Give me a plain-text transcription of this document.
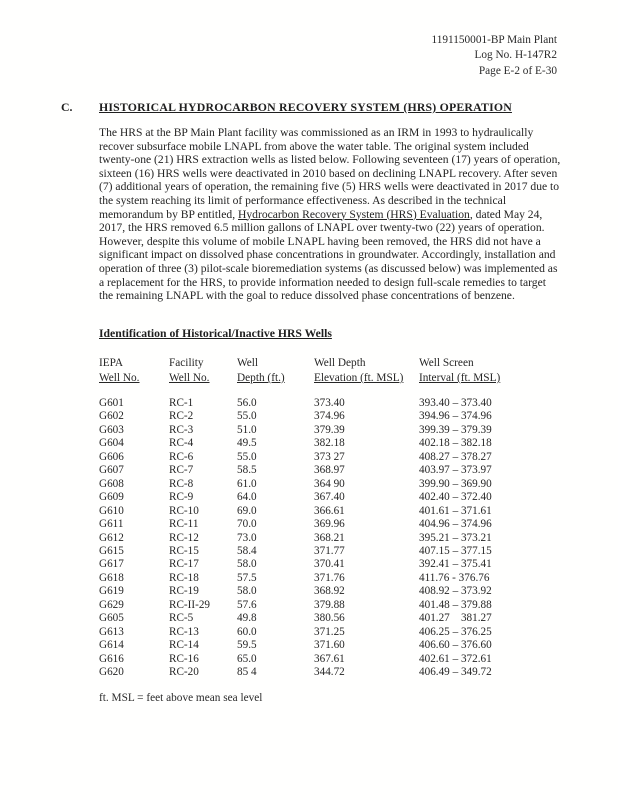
1191150001-BP Main Plant
Log No. H-147R2
Page E-2 of E-30
C. HISTORICAL HYDROCARBON RECOVERY SYSTEM (HRS) OPERATION
The HRS at the BP Main Plant facility was commissioned as an IRM in 1993 to hydraulically recover subsurface mobile LNAPL from above the water table. The original system included twenty-one (21) HRS extraction wells as listed below. Following seventeen (17) years of operation, sixteen (16) HRS wells were deactivated in 2010 based on declining LNAPL recovery. After seven (7) additional years of operation, the remaining five (5) HRS wells were deactivated in 2017 due to the system reaching its limit of performance effectiveness. As described in the technical memorandum by BP entitled, Hydrocarbon Recovery System (HRS) Evaluation, dated May 24, 2017, the HRS removed 6.5 million gallons of LNAPL over twenty-two (22) years of operation. However, despite this volume of mobile LNAPL having been removed, the HRS did not have a significant impact on dissolved phase concentrations in groundwater. Accordingly, installation and operation of three (3) pilot-scale bioremediation systems (as discussed below) was implemented as a replacement for the HRS, to provide information needed to design full-scale remedies to target the remaining LNAPL with the goal to reduce dissolved phase concentrations of benzene.
Identification of Historical/Inactive HRS Wells
IEPA
Well No.
Facility
Well No.
Well
Depth (ft.)
Well Depth
Elevation (ft. MSL)
Well Screen
Interval (ft. MSL)
G601	RC-1	56.0	373.40	393.40 – 373.40
G602	RC-2	55.0	374.96	394.96 – 374.96
G603	RC-3	51.0	379.39	399.39 – 379.39
G604	RC-4	49.5	382.18	402.18 – 382.18
G606	RC-6	55.0	373 27	408.27 – 378.27
G607	RC-7	58.5	368.97	403.97 – 373.97
G608	RC-8	61.0	364 90	399.90 – 369.90
G609	RC-9	64.0	367.40	402.40 – 372.40
G610	RC-10	69.0	366.61	401.61 – 371.61
G611	RC-11	70.0	369.96	404.96 – 374.96
G612	RC-12	73.0	368.21	395.21 – 373.21
G615	RC-15	58.4	371.77	407.15 – 377.15
G617	RC-17	58.0	370.41	392.41 – 375.41
G618	RC-18	57.5	371.76	411.76 - 376.76
G619	RC-19	58.0	368.92	408.92 – 373.92
G629	RC-II-29	57.6	379.88	401.48 – 379.88
G605	RC-5	49.8	380.56	401.27    381.27
G613	RC-13	60.0	371.25	406.25 – 376.25
G614	RC-14	59.5	371.60	406.60 – 376.60
G616	RC-16	65.0	367.61	402.61 – 372.61
G620	RC-20	85 4	344.72	406.49 – 349.72
ft. MSL = feet above mean sea level
